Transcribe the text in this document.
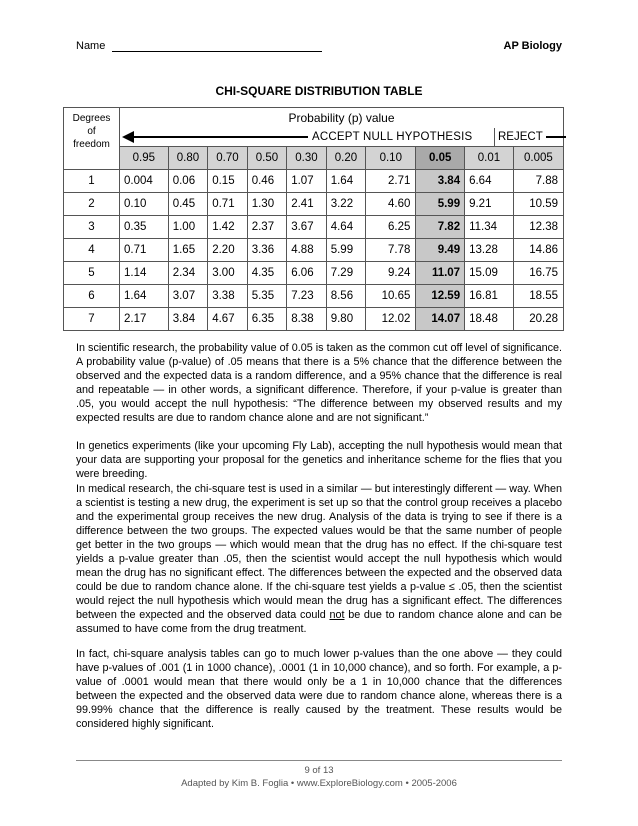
Name	AP Biology
CHI-SQUARE DISTRIBUTION TABLE
Degrees
of
freedom	Probability (p) value									

	ACCEPT NULL HYPOTHESIS REJECT									

	0.95	0.80	0.70	0.50	0.30	0.20	0.10	0.05	0.01	0.005
1	0.004	0.06	0.15	0.46	1.07	1.64	2.71	3.84	6.64	7.88
2	0.10	0.45	0.71	1.30	2.41	3.22	4.60	5.99	9.21	10.59
3	0.35	1.00	1.42	2.37	3.67	4.64	6.25	7.82	11.34	12.38
4	0.71	1.65	2.20	3.36	4.88	5.99	7.78	9.49	13.28	14.86
5	1.14	2.34	3.00	4.35	6.06	7.29	9.24	11.07	15.09	16.75
6	1.64	3.07	3.38	5.35	7.23	8.56	10.65	12.59	16.81	18.55
7	2.17	3.84	4.67	6.35	8.38	9.80	12.02	14.07	18.48	20.28
In scientific research, the probability value of 0.05 is taken as the common cut off level of significance. A probability value (p-value) of .05 means that there is a 5% chance that the difference between the observed and the expected data is a random difference, and a 95% chance that the difference is real and repeatable — in other words, a significant difference. Therefore, if your p-value is greater than .05, you would accept the null hypothesis: “The difference between my observed results and my expected results are due to random chance alone and are not significant.”
In genetics experiments (like your upcoming Fly Lab), accepting the null hypothesis would mean that your data are supporting your proposal for the genetics and inheritance scheme for the flies that you were breeding.
In medical research, the chi-square test is used in a similar — but interestingly different — way. When a scientist is testing a new drug, the experiment is set up so that the control group receives a placebo and the experimental group receives the new drug. Analysis of the data is trying to see if there is a difference between the two groups. The expected values would be that the same number of people get better in the two groups — which would mean that the drug has no effect. If the chi-square test yields a p-value greater than .05, then the scientist would accept the null hypothesis which would mean the drug has no significant effect. The differences between the expected and the observed data could be due to random chance alone. If the chi-square test yields a p-value ≤ .05, then the scientist would reject the null hypothesis which would mean the drug has a significant effect. The differences between the expected and the observed data could not be due to random chance alone and can be assumed to have come from the drug treatment.
In fact, chi-square analysis tables can go to much lower p-values than the one above — they could have p-values of .001 (1 in 1000 chance), .0001 (1 in 10,000 chance), and so forth. For example, a p-value of .0001 would mean that there would only be a 1 in 10,000 chance that the differences between the expected and the observed data were due to random chance alone, whereas there is a 99.99% chance that the difference is really caused by the treatment. These results would be considered highly significant.
9 of 13
Adapted by Kim B. Foglia • www.ExploreBiology.com • 2005-2006
